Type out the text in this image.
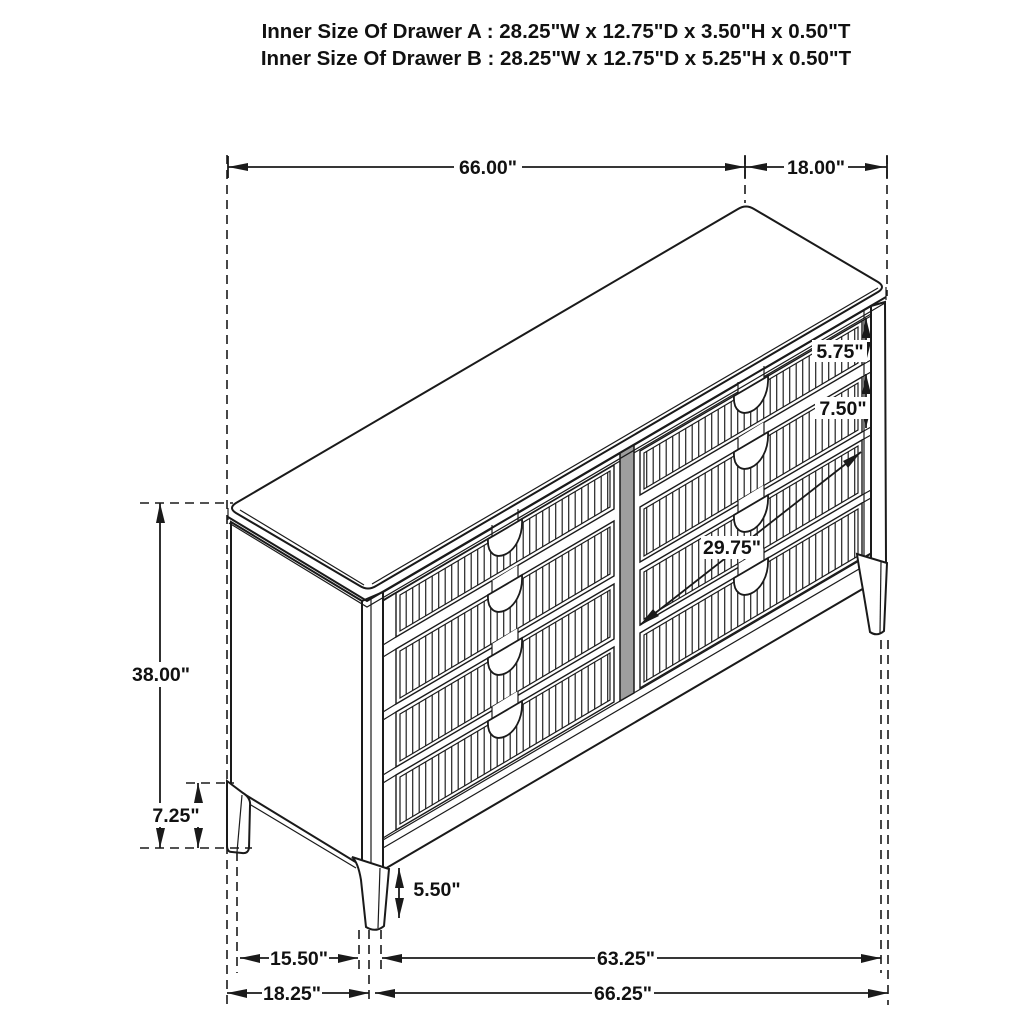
Inner Size Of Drawer A : 28.25"W x 12.75"D x 3.50"H x 0.50"T
Inner Size Of Drawer B : 28.25"W x 12.75"D x 5.25"H x 0.50"T
66.00"	18.00"
38.00"
7.25"
5.50"
5.75"
7.50"
29.75"
15.50"	63.25"
18.25"	66.25"
